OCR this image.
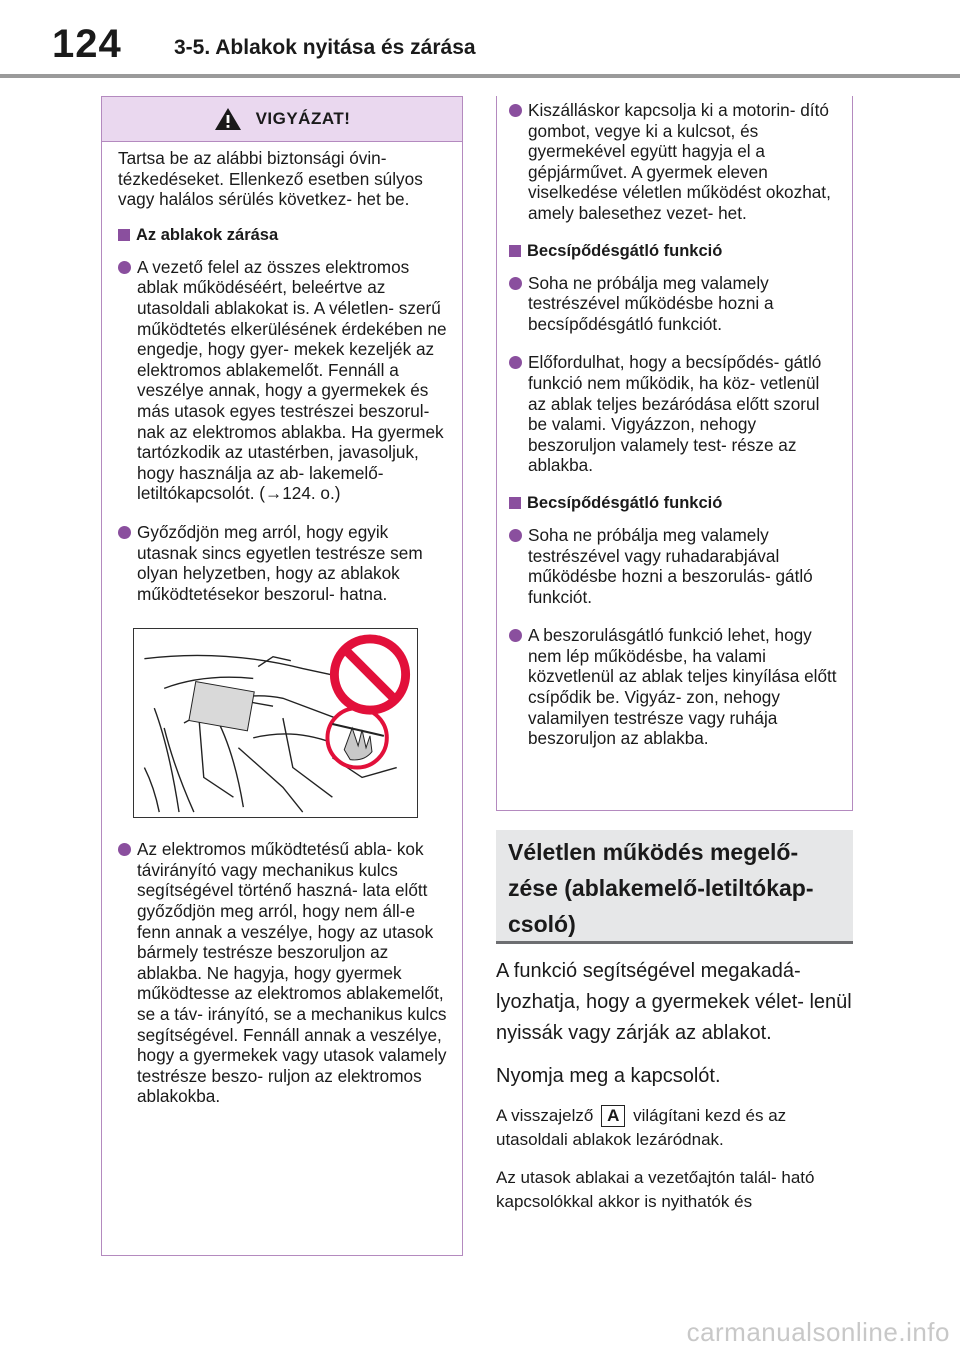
124 3-5. Ablakok nyitása és zárása
VIGYÁZAT!

Tartsa be az alábbi biztonsági óvin- tézkedéseket. Ellenkező esetben súlyos vagy halálos sérülés következ- het be.

Az ablakok zárása
A vezető felel az összes elektromos ablak működéséért, beleértve az utasoldali ablakokat is. A véletlen- szerű működtetés elkerülésének érdekében ne engedje, hogy gyer- mekek kezeljék az elektromos ablakemelőt. Fennáll a veszélye annak, hogy a gyermekek és más utasok egyes testrészei beszorul- nak az elektromos ablakba. Ha gyermek tartózkodik az utastérben, javasoljuk, hogy használja az ab- lakemelő-letiltókapcsolót. (→124. o.)
Győződjön meg arról, hogy egyik utasnak sincs egyetlen testrésze sem olyan helyzetben, hogy az ablakok működtetésekor beszorul- hatna.
Az elektromos működtetésű abla- kok távirányító vagy mechanikus kulcs segítségével történő haszná- lata előtt győződjön meg arról, hogy nem áll-e fenn annak a veszélye, hogy az utasok bármely testrésze beszoruljon az ablakba. Ne hagyja, hogy gyermek működtesse az elektromos ablakemelőt, se a táv- irányító, se a mechanikus kulcs segítségével. Fennáll annak a veszélye, hogy a gyermekek vagy utasok valamely testrésze beszo- ruljon az elektromos ablakokba.
Kiszálláskor kapcsolja ki a motorin- dító gombot, vegye ki a kulcsot, és gyermekével együtt hagyja el a gépjárművet. A gyermek eleven viselkedése véletlen működést okozhat, amely balesethez vezet- het.
Becsípődésgátló funkció
Soha ne próbálja meg valamely testrészével működésbe hozni a becsípődésgátló funkciót.
Előfordulhat, hogy a becsípődés- gátló funkció nem működik, ha köz- vetlenül az ablak teljes bezáródása előtt szorul be valami. Vigyázzon, nehogy beszoruljon valamely test- része az ablakba.
Becsípődésgátló funkció
Soha ne próbálja meg valamely testrészével vagy ruhadarabjával működésbe hozni a beszorulás- gátló funkciót.
A beszorulásgátló funkció lehet, hogy nem lép működésbe, ha valami közvetlenül az ablak teljes kinyílása előtt csípődik be. Vigyáz- zon, nehogy valamilyen testrésze vagy ruhája beszoruljon az ablakba.
Véletlen működés megelő-
zése (ablakemelő-letiltókap-
csoló)

A funkció segítségével megakadá- lyozhatja, hogy a gyermekek vélet- lenül nyissák vagy zárják az ablakot.

Nyomja meg a kapcsolót.

A visszajelző A világítani kezd és az utasoldali ablakok lezáródnak.

Az utasok ablakai a vezetőajtón talál- ható kapcsolókkal akkor is nyithatók és

carmanualsonline.info
